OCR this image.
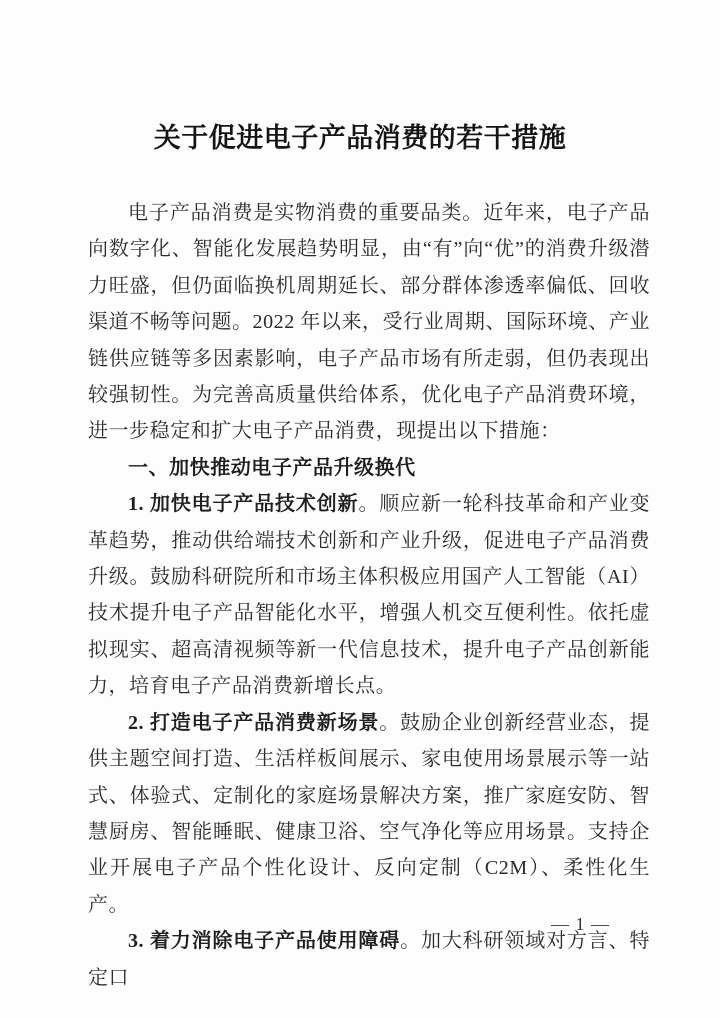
关于促进电子产品消费的若干措施

电子产品消费是实物消费的重要品类。近年来，电子产品向数字化、智能化发展趋势明显，由“有”向“优”的消费升级潜力旺盛，但仍面临换机周期延长、部分群体渗透率偏低、回收渠道不畅等问题。2022 年以来，受行业周期、国际环境、产业链供应链等多因素影响，电子产品市场有所走弱，但仍表现出较强韧性。为完善高质量供给体系，优化电子产品消费环境，进一步稳定和扩大电子产品消费，现提出以下措施：

一、加快推动电子产品升级换代

1. 加快电子产品技术创新。顺应新一轮科技革命和产业变革趋势，推动供给端技术创新和产业升级，促进电子产品消费升级。鼓励科研院所和市场主体积极应用国产人工智能（AI）技术提升电子产品智能化水平，增强人机交互便利性。依托虚拟现实、超高清视频等新一代信息技术，提升电子产品创新能力，培育电子产品消费新增长点。

2. 打造电子产品消费新场景。鼓励企业创新经营业态，提供主题空间打造、生活样板间展示、家电使用场景展示等一站式、体验式、定制化的家庭场景解决方案，推广家庭安防、智慧厨房、智能睡眠、健康卫浴、空气净化等应用场景。支持企业开展电子产品个性化设计、反向定制（C2M）、柔性化生产。

3. 着力消除电子产品使用障碍。加大科研领域对方言、特定口

— 1 —
